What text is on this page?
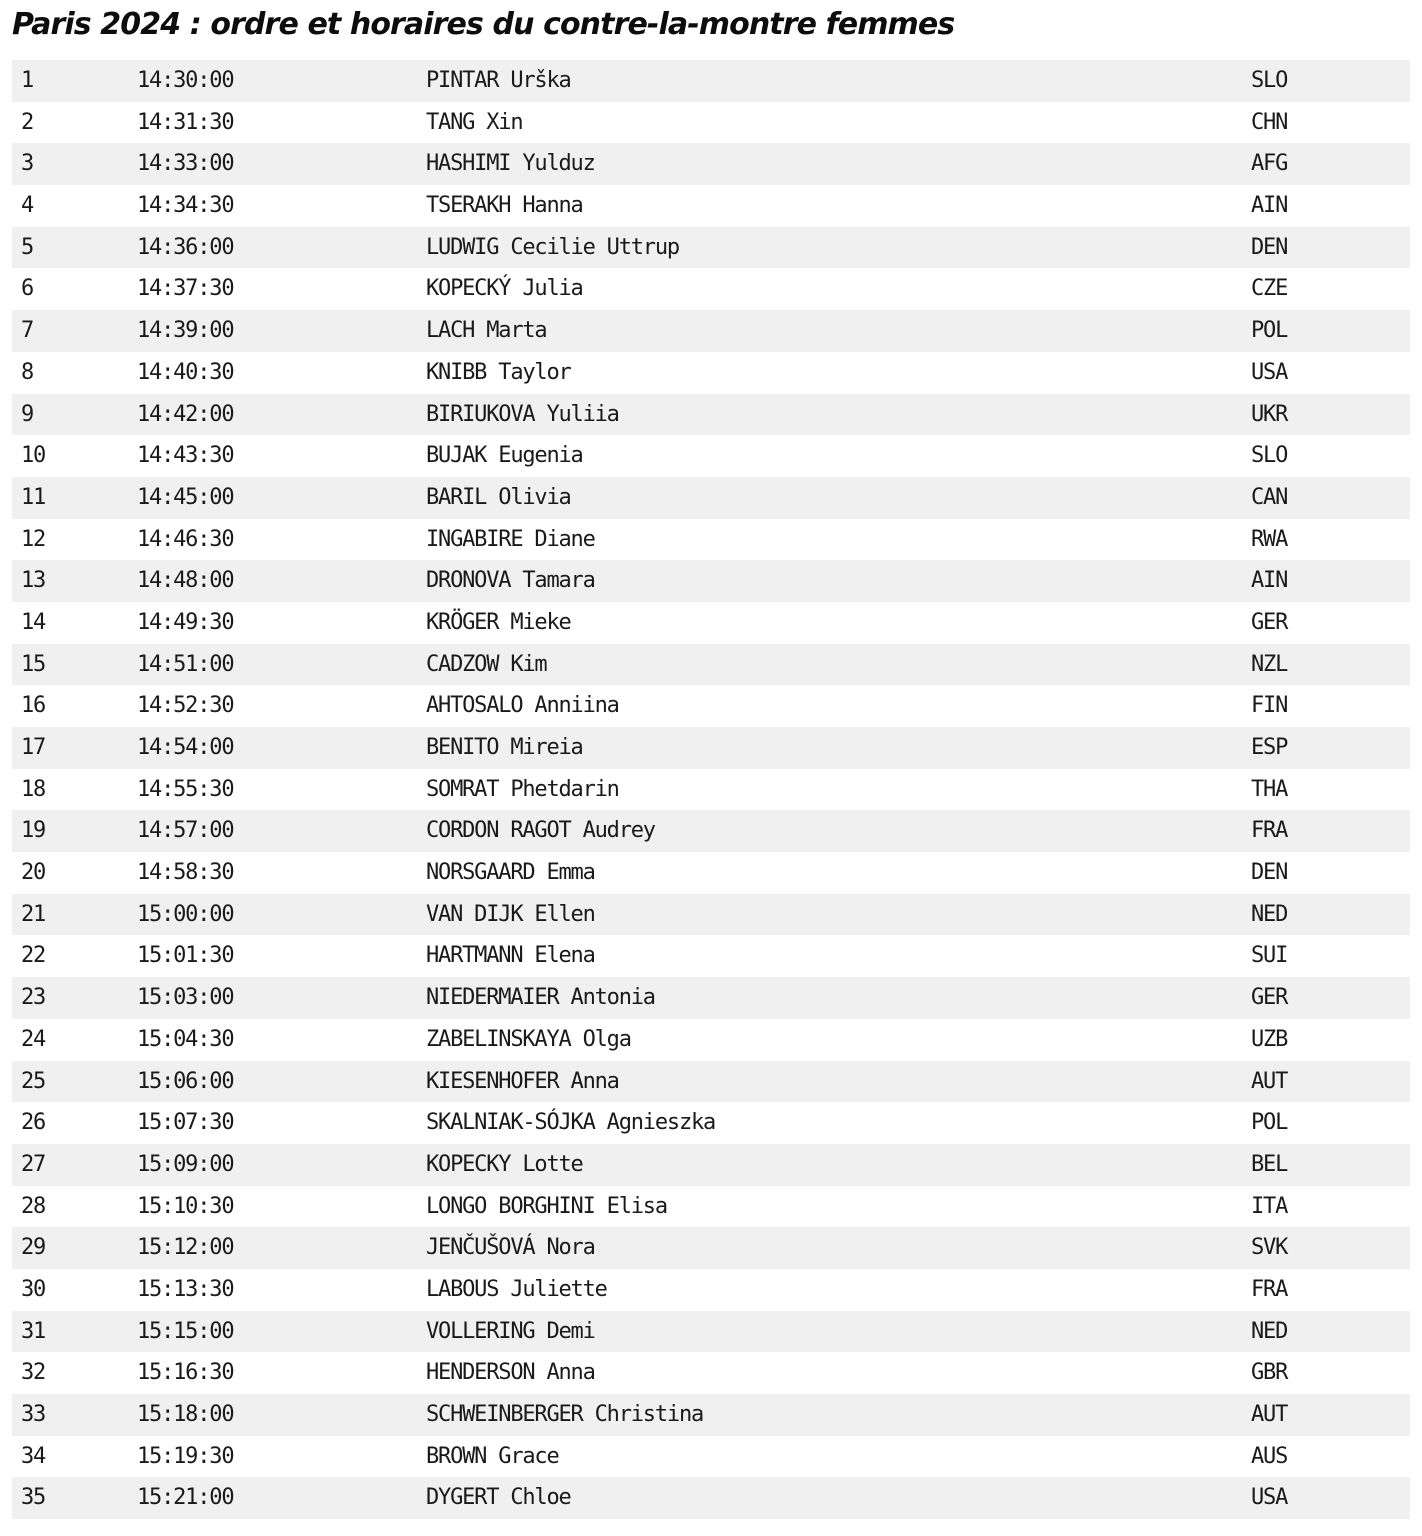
Paris 2024 : ordre et horaires du contre-la-montre femmes
1	14:30:00	PINTAR Urška	SLO
2	14:31:30	TANG Xin	CHN
3	14:33:00	HASHIMI Yulduz	AFG
4	14:34:30	TSERAKH Hanna	AIN
5	14:36:00	LUDWIG Cecilie Uttrup	DEN
6	14:37:30	KOPECKÝ Julia	CZE
7	14:39:00	LACH Marta	POL
8	14:40:30	KNIBB Taylor	USA
9	14:42:00	BIRIUKOVA Yuliia	UKR
10	14:43:30	BUJAK Eugenia	SLO
11	14:45:00	BARIL Olivia	CAN
12	14:46:30	INGABIRE Diane	RWA
13	14:48:00	DRONOVA Tamara	AIN
14	14:49:30	KRÖGER Mieke	GER
15	14:51:00	CADZOW Kim	NZL
16	14:52:30	AHTOSALO Anniina	FIN
17	14:54:00	BENITO Mireia	ESP
18	14:55:30	SOMRAT Phetdarin	THA
19	14:57:00	CORDON RAGOT Audrey	FRA
20	14:58:30	NORSGAARD Emma	DEN
21	15:00:00	VAN DIJK Ellen	NED
22	15:01:30	HARTMANN Elena	SUI
23	15:03:00	NIEDERMAIER Antonia	GER
24	15:04:30	ZABELINSKAYA Olga	UZB
25	15:06:00	KIESENHOFER Anna	AUT
26	15:07:30	SKALNIAK-SÓJKA Agnieszka	POL
27	15:09:00	KOPECKY Lotte	BEL
28	15:10:30	LONGO BORGHINI Elisa	ITA
29	15:12:00	JENČUŠOVÁ Nora	SVK
30	15:13:30	LABOUS Juliette	FRA
31	15:15:00	VOLLERING Demi	NED
32	15:16:30	HENDERSON Anna	GBR
33	15:18:00	SCHWEINBERGER Christina	AUT
34	15:19:30	BROWN Grace	AUS
35	15:21:00	DYGERT Chloe	USA
